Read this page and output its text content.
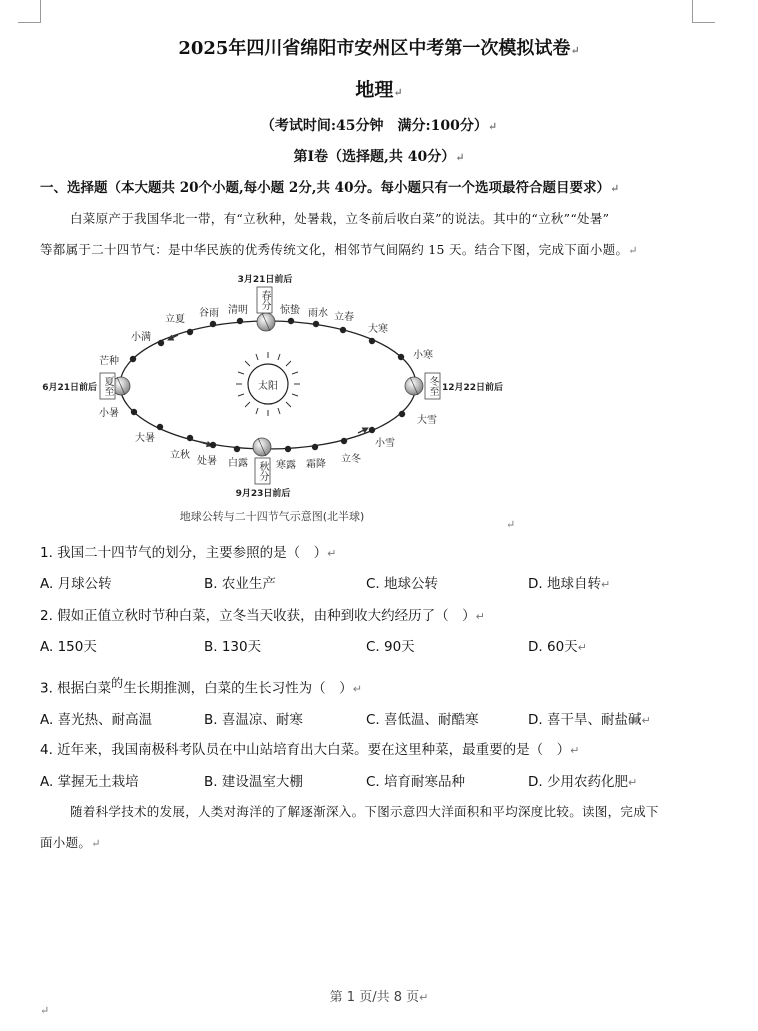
2025年四川省绵阳市安州区中考第一次模拟试卷↵
地理↵
（考试时间:45分钟　满分:100分）↵
第Ⅰ卷（选择题,共 40分）↵
一、选择题（本大题共 20个小题,每小题 2分,共 40分。每小题只有一个选项最符合题目要求）↵
白菜原产于我国华北一带，有“立秋种，处暑栽，立冬前后收白菜”的说法。其中的“立秋”“处暑”
等都属于二十四节气：是中华民族的优秀传统文化，相邻节气间隔约 15 天。结合下图，完成下面小题。↵
太阳
春分
夏至
秋分
冬至
3月21日前后
6月21日前后
9月23日前后
12月22日前后
立夏
谷雨 清明	惊蛰 雨水 立春
大寒
小寒
大雪
小雪
立冬
霜降
寒露
白露
处暑
立秋
大暑
小暑
芒种
小满
地球公转与二十四节气示意图(北半球)
↵
1. 我国二十四节气的划分，主要参照的是（　）↵
A. 月球公转	B. 农业生产	C. 地球公转	D. 地球自转↵
2. 假如正值立秋时节种白菜，立冬当天收获，由种到收大约经历了（　）↵
A. 150天	B. 130天	C. 90天	D. 60天↵
3. 根据白菜$^的$生长期推测，白菜的生长习性为（　）↵
A. 喜光热、耐高温	B. 喜温凉、耐寒	C. 喜低温、耐酷寒	D. 喜干旱、耐盐碱↵
4. 近年来，我国南极科考队员在中山站培育出大白菜。要在这里种菜，最重要的是（　）↵
A. 掌握无土栽培	B. 建设温室大棚	C. 培育耐寒品种	D. 少用农药化肥↵
随着科学技术的发展，人类对海洋的了解逐渐深入。下图示意四大洋面积和平均深度比较。读图，完成下
面小题。↵
第 1 页/共 8 页↵
↵
